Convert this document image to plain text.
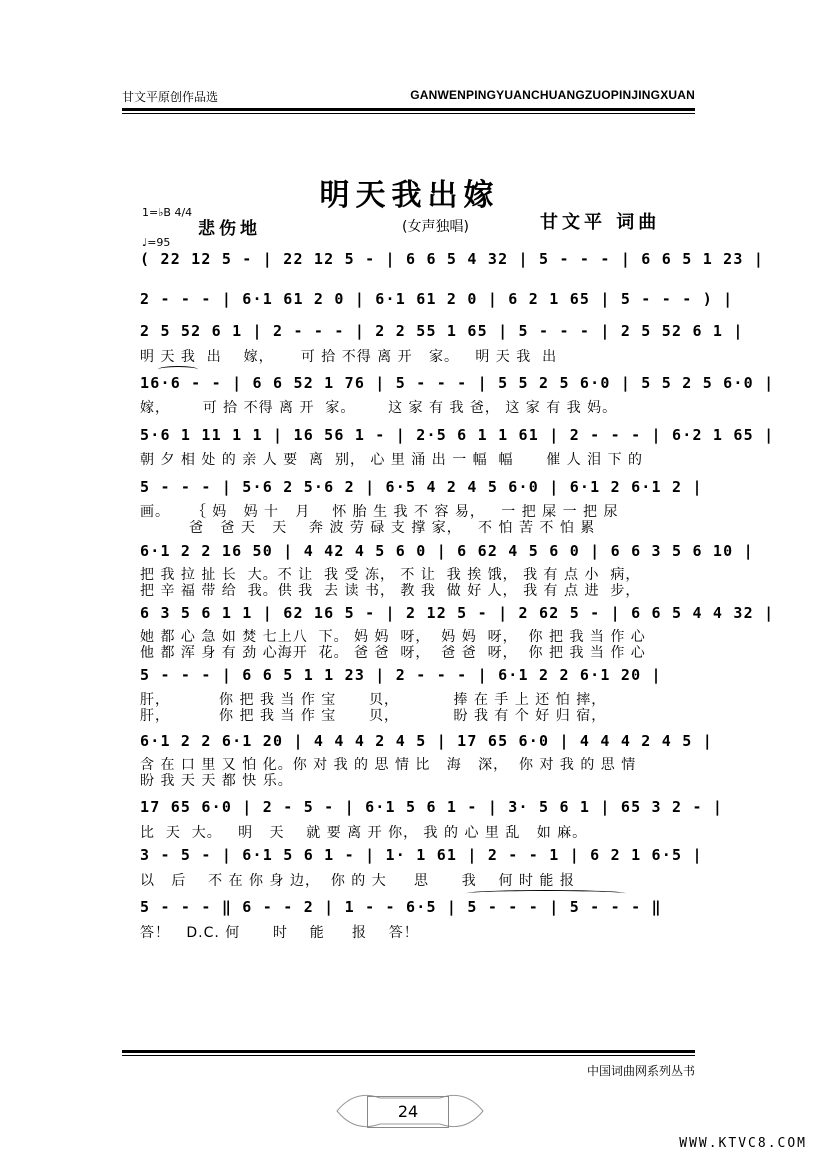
甘文平原创作品选	GANWENPINGYUANCHUANGZUOPINJINGXUAN
明天我出嫁
1=♭B 4/4
♩=95
悲伤地	(女声独唱)	甘文平 词曲
( 22 12 5 - | 22 12 5 - | 6 6 5 4 32 | 5 - - - | 6 6 5 1 23 |
2 - - - | 6·1 61 2 0 | 6·1 61 2 0 | 6 2 1 65 | 5 - - - ) |
2 5 52 6 1 | 2 - - - | 2 2 55 1 65 | 5 - - - | 2 5 52 6 1 |
明 天 我  出    嫁，     可 拾 不得 离 开   家。   明 天 我  出
16·6 - - | 6 6 52 1 76 | 5 - - - | 5 5 2 5 6·0 | 5 5 2 5 6·0 |
嫁，      可 拾 不得 离 开  家。      这 家 有 我 爸， 这 家 有 我 妈。
5·6 1 11 1 1 | 16 56 1 - | 2·5 6 1 1 61 | 2 - - - | 6·2 1 65 |
朝 夕 相 处 的 亲 人 要  离  别， 心 里 涌 出 一 幅  幅      催 人 泪 下 的
5 - - - | 5·6 2 5·6 2 | 6·5 4 2 4 5 6·0 | 6·1 2 6·1 2 |
画。    ｛ 妈   妈 十   月    怀 胎 生 我 不 容 易，   一 把 屎 一 把 尿
爸   爸 天   天    奔 波 劳 碌 支 撑 家，   不 怕 苦 不 怕 累
6·1 2 2 16 50 | 4 42 4 5 6 0 | 6 62 4 5 6 0 | 6 6 3 5 6 10 |
把 我 拉 扯 长  大。不 让  我 受 冻， 不 让  我 挨 饿， 我 有 点 小  病，
把 辛 福 带 给  我。供 我  去 读 书， 教 我  做 好 人， 我 有 点 进  步，
6 3 5 6 1 1 | 62 16 5 - | 2 12 5 - | 2 62 5 - | 6 6 5 4 4 32 |
她 都 心 急 如 焚 七上八  下。 妈 妈  呀，  妈 妈  呀，  你 把 我 当 作 心
他 都 浑 身 有 劲 心海开  花。 爸 爸  呀，  爸 爸  呀，  你 把 我 当 作 心
5 - - - | 6 6 5 1 1 23 | 2 - - - | 6·1 2 2 6·1 20 |
肝，         你 把 我 当 作 宝      贝，          捧 在 手 上 还 怕 摔，
肝，         你 把 我 当 作 宝      贝，          盼 我 有 个 好 归 宿，
6·1 2 2 6·1 20 | 4 4 4 2 4 5 | 17 65 6·0 | 4 4 4 2 4 5 |
含 在 口 里 又 怕 化。你 对 我 的 思 情 比   海   深，  你 对 我 的 思 情
盼 我 天 天 都 快 乐。
17 65 6·0 | 2 - 5 - | 6·1 5 6 1 - | 3· 5 6 1 | 65 3 2 - |
比  天  大。   明   天    就 要 离 开 你， 我 的 心 里 乱   如 麻。
3 - 5 - | 6·1 5 6 1 - | 1· 1 61 | 2 - - 1 | 6 2 1 6·5 |
以   后    不 在 你 身 边，  你 的 大     思      我    何 时 能 报
5 - - - ‖ 6 - - 2 | 1 - - 6·5 | 5 - - - | 5 - - - ‖
答！   D.C. 何      时    能     报    答！
中国词曲网系列丛书
24
WWW.KTVC8.COM
